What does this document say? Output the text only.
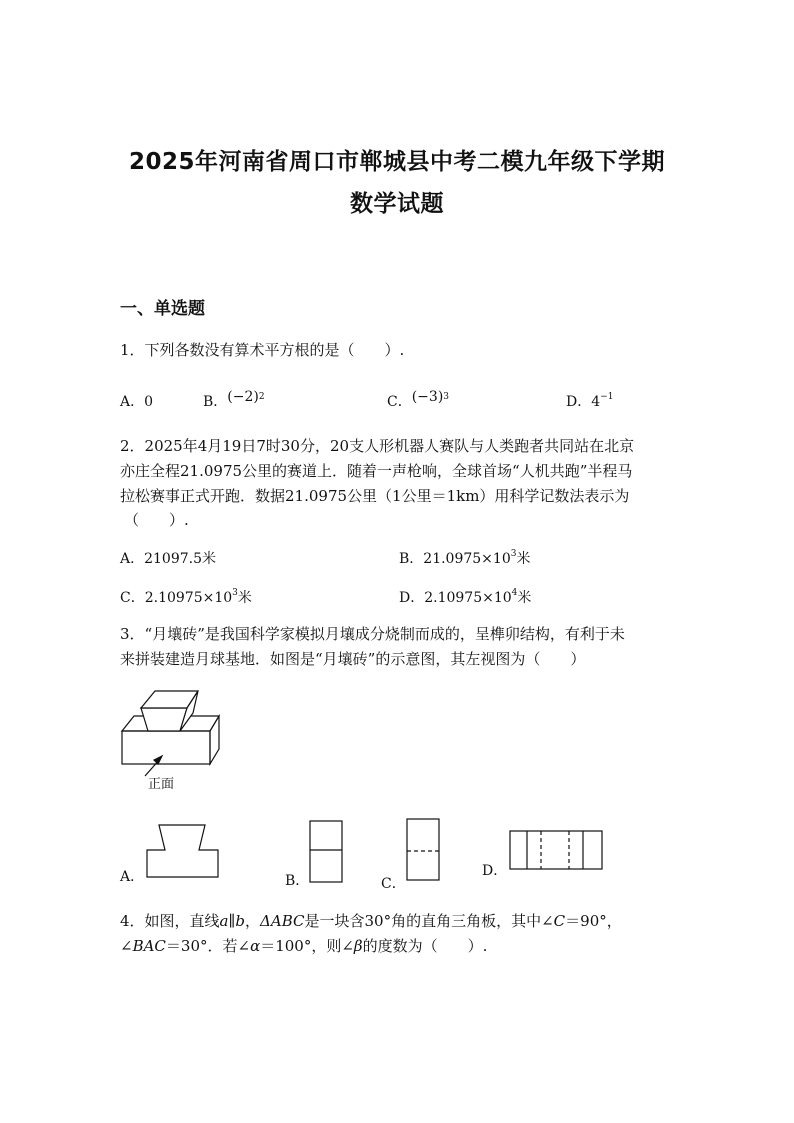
2025年河南省周口市郸城县中考二模九年级下学期
数学试题
一、单选题
1．下列各数没有算术平方根的是（　　）.
A．0	B．$(-2)^2$	C．$(-3)^3$	D．$4^{-1}$
2．2025年4月19日7时30分，20支人形机器人赛队与人类跑者共同站在北京
亦庄全程21.0975公里的赛道上．随着一声枪响，全球首场“人机共跑”半程马
拉松赛事正式开跑．数据21.0975公里（1公里＝1km）用科学记数法表示为
（　　）.
A．21097.5米	B．$21.0975\times 10^3$米
C．$2.10975\times 10^3$米	D．$2.10975\times 10^4$米
3．“月壤砖”是我国科学家模拟月壤成分烧制而成的，呈榫卯结构，有利于未
来拼装建造月球基地．如图是“月壤砖”的示意图，其左视图为（　　）
正面
A．	B．	C．
D．
4．如图，直线a∥b，ΔABC是一块含30°角的直角三角板，其中∠C＝90°，
∠BAC＝30°．若∠α＝100°，则∠β的度数为（　　）.
